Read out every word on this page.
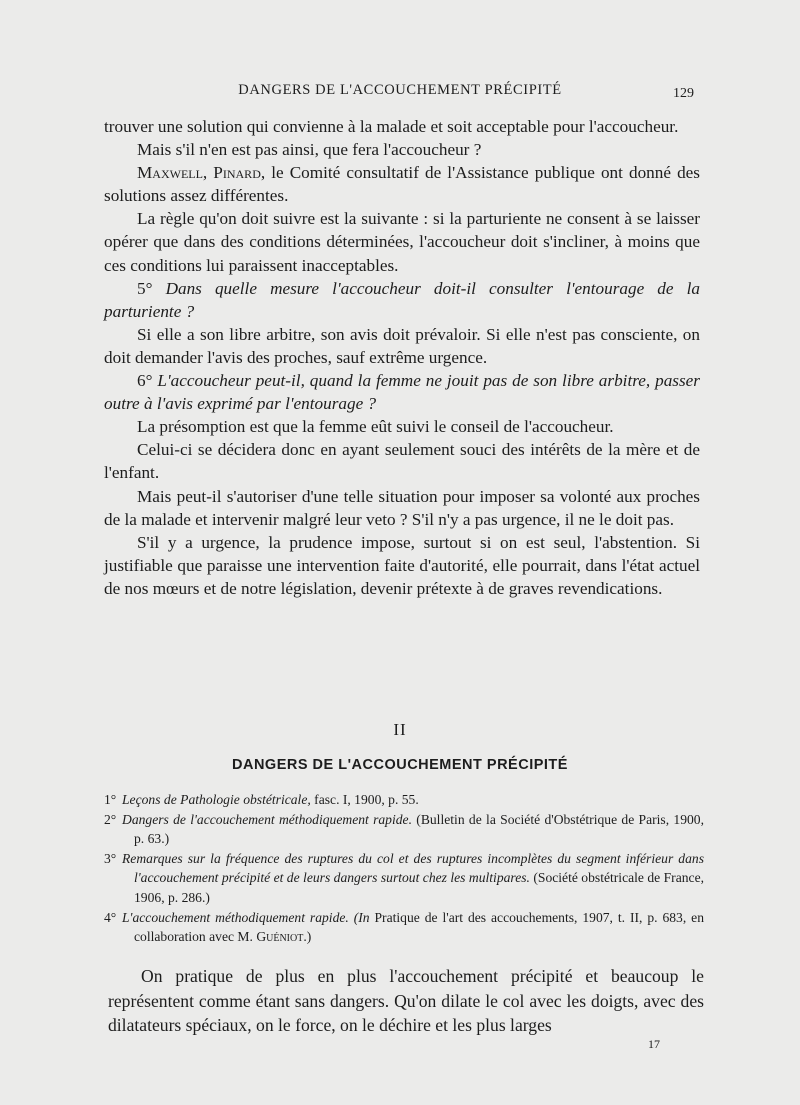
DANGERS DE L'ACCOUCHEMENT PRÉCIPITÉ	129

trouver une solution qui convienne à la malade et soit acceptable pour l'accoucheur.

Mais s'il n'en est pas ainsi, que fera l'accoucheur ?

Maxwell, Pinard, le Comité consultatif de l'Assistance publique ont donné des solutions assez différentes.

La règle qu'on doit suivre est la suivante : si la parturiente ne consent à se laisser opérer que dans des conditions déterminées, l'accoucheur doit s'incliner, à moins que ces conditions lui paraissent inacceptables.

5° Dans quelle mesure l'accoucheur doit-il consulter l'entourage de la parturiente ?

Si elle a son libre arbitre, son avis doit prévaloir. Si elle n'est pas consciente, on doit demander l'avis des proches, sauf extrême urgence.

6° L'accoucheur peut-il, quand la femme ne jouit pas de son libre arbitre, passer outre à l'avis exprimé par l'entourage ?

La présomption est que la femme eût suivi le conseil de l'accoucheur.

Celui-ci se décidera donc en ayant seulement souci des intérêts de la mère et de l'enfant.

Mais peut-il s'autoriser d'une telle situation pour imposer sa volonté aux proches de la malade et intervenir malgré leur veto ? S'il n'y a pas urgence, il ne le doit pas.

S'il y a urgence, la prudence impose, surtout si on est seul, l'abstention. Si justifiable que paraisse une intervention faite d'autorité, elle pourrait, dans l'état actuel de nos mœurs et de notre législation, devenir prétexte à de graves revendications.

II
DANGERS DE L'ACCOUCHEMENT PRÉCIPITÉ

1° Leçons de Pathologie obstétricale, fasc. I, 1900, p. 55.

2° Dangers de l'accouchement méthodiquement rapide. (Bulletin de la Société d'Obstétrique de Paris, 1900, p. 63.)

3° Remarques sur la fréquence des ruptures du col et des ruptures incomplètes du segment inférieur dans l'accouchement précipité et de leurs dangers surtout chez les multipares. (Société obstétricale de France, 1906, p. 286.)

4° L'accouchement méthodiquement rapide. (In Pratique de l'art des accouchements, 1907, t. II, p. 683, en collaboration avec M. Guéniot.)

On pratique de plus en plus l'accouchement précipité et beaucoup le représentent comme étant sans dangers. Qu'on dilate le col avec les doigts, avec des dilatateurs spéciaux, on le force, on le déchire et les plus larges

17
